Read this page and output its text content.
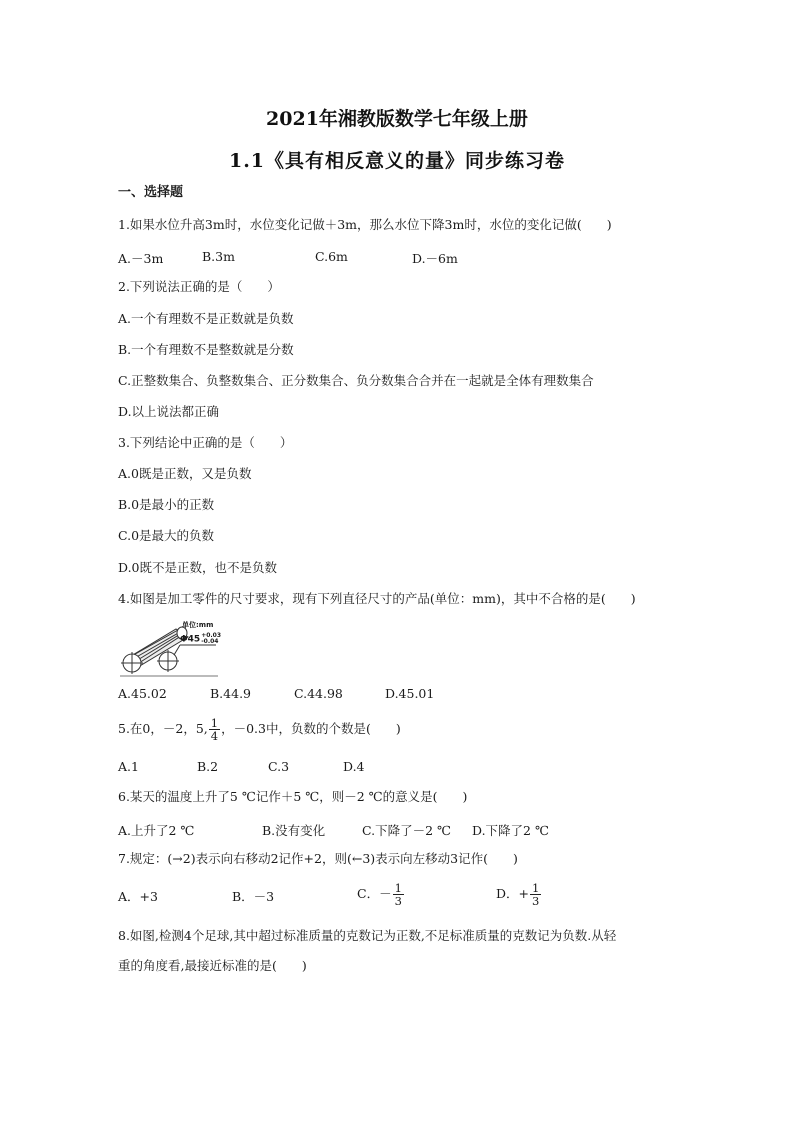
2021年湘教版数学七年级上册
1.1《具有相反意义的量》同步练习卷
一、选择题
1.如果水位升高3m时，水位变化记做＋3m，那么水位下降3m时，水位的变化记做(　　)
A.－3m	B.3m	C.6m	D.－6m
2.下列说法正确的是（　　）
A.一个有理数不是正数就是负数
B.一个有理数不是整数就是分数
C.正整数集合、负整数集合、正分数集合、负分数集合合并在一起就是全体有理数集合
D.以上说法都正确
3.下列结论中正确的是（　　）
A.0既是正数，又是负数
B.0是最小的正数
C.0是最大的负数
D.0既不是正数，也不是负数
4.如图是加工零件的尺寸要求，现有下列直径尺寸的产品(单位：mm)，其中不合格的是(　　)
单位:mm
Φ45 +0.03
-0.04
A.45.02	B.44.9	C.44.98	D.45.01
5.在0，－2，5, $\frac{1}{4}$ ，－0.3中，负数的个数是(　　)
A.1	B.2	C.3	D.4
6.某天的温度上升了5 ℃记作＋5 ℃，则－2 ℃的意义是(　　)
A.上升了2 ℃	B.没有变化	C.下降了－2 ℃ D.下降了2 ℃
7.规定：(→2)表示向右移动2记作+2，则(←3)表示向左移动3记作(　　)
A．+3	B．－3	C．－ $\frac{1}{3}$	D．+ $\frac{1}{3}$
8.如图,检测4个足球,其中超过标准质量的克数记为正数,不足标准质量的克数记为负数.从轻
重的角度看,最接近标准的是(　　)
